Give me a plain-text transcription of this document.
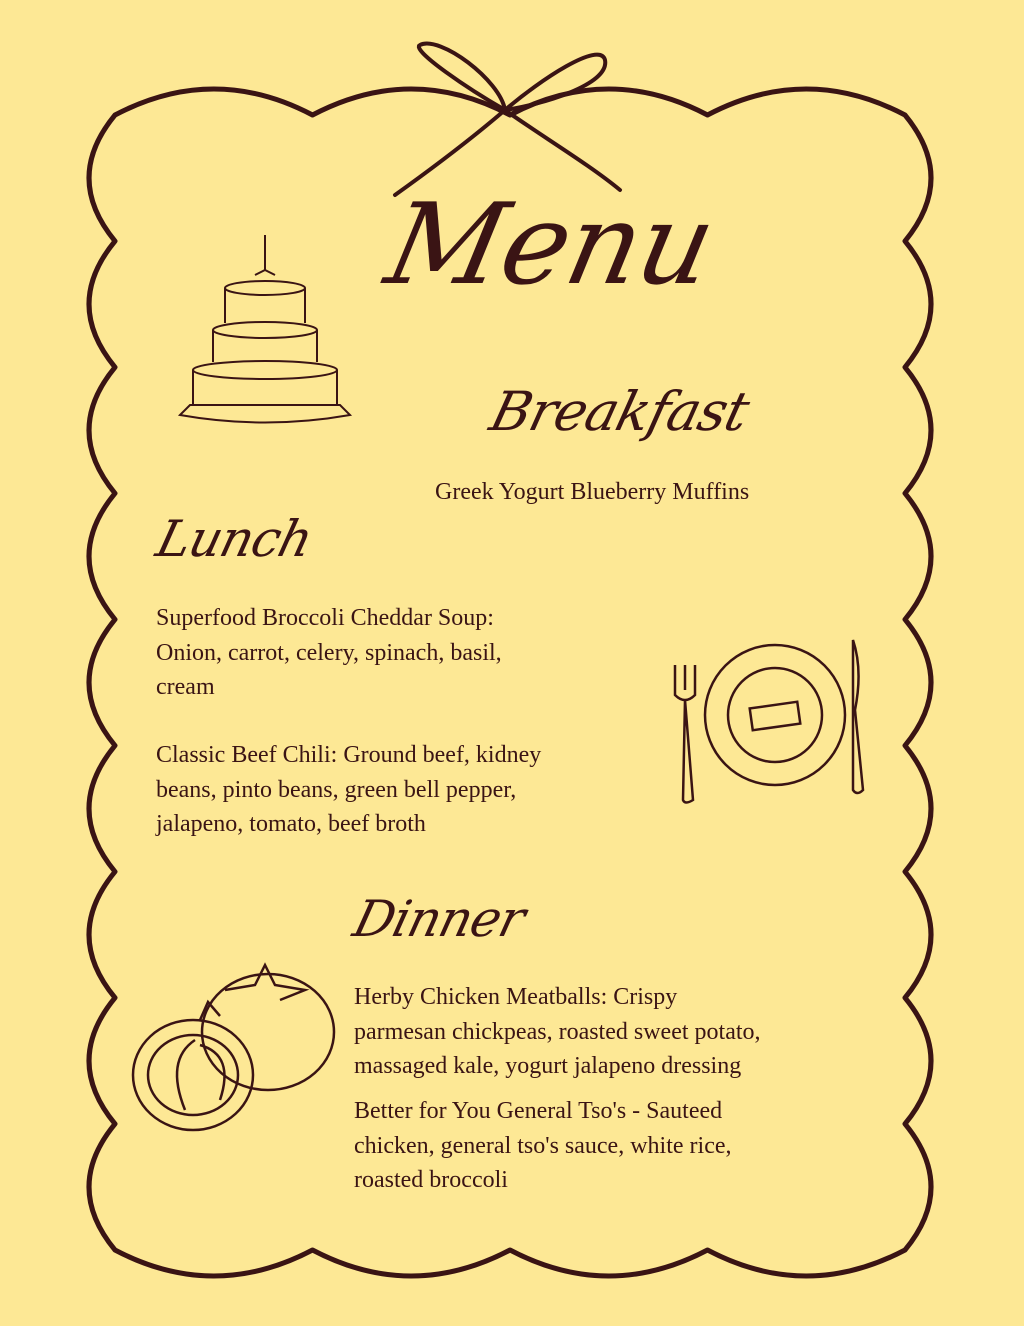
Menu
Breakfast
Greek Yogurt Blueberry Muffins
Lunch
Superfood Broccoli Cheddar Soup:
Onion, carrot, celery, spinach, basil,
cream
Classic Beef Chili: Ground beef, kidney
beans, pinto beans, green bell pepper,
jalapeno, tomato, beef broth
Dinner
Herby Chicken Meatballs: Crispy
parmesan chickpeas, roasted sweet potato,
massaged kale, yogurt jalapeno dressing
Better for You General Tso's - Sauteed
chicken, general tso's sauce, white rice,
roasted broccoli
